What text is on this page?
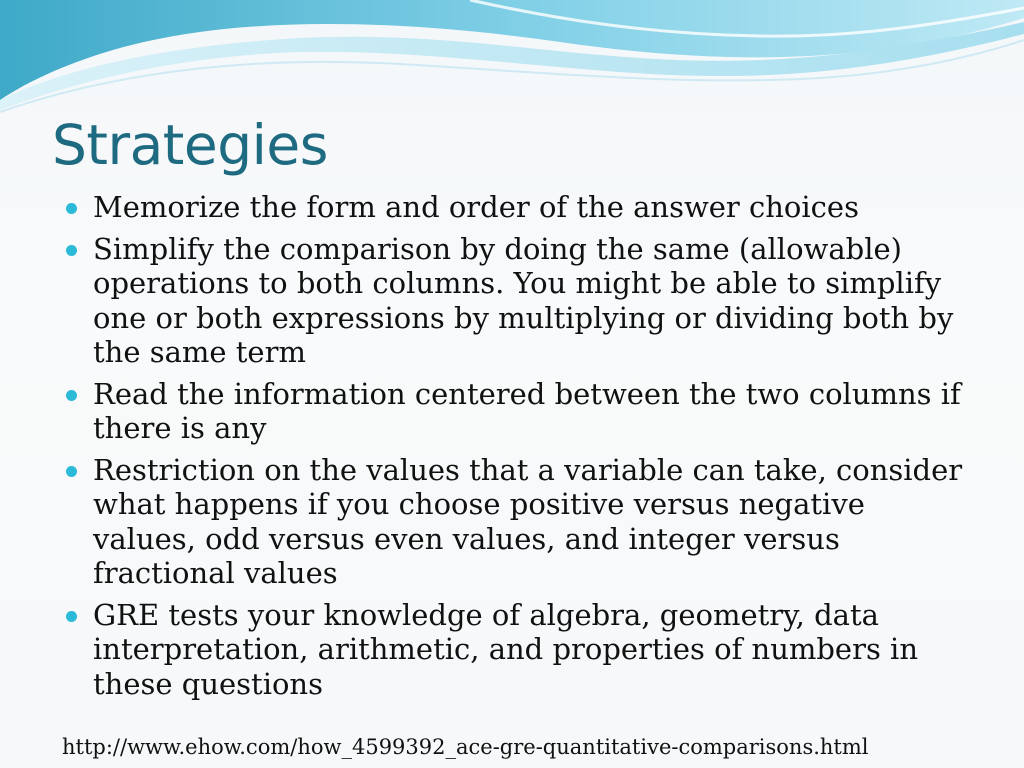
Strategies
Memorize the form and order of the answer choices
Simplify the comparison by doing the same (allowable) operations to both columns. You might be able to simplify one or both expressions by multiplying or dividing both by the same term
Read the information centered between the two columns if there is any
Restriction on the values that a variable can take, consider what happens if you choose positive versus negative values, odd versus even values, and integer versus fractional values
GRE tests your knowledge of algebra, geometry, data interpretation, arithmetic, and properties of numbers in these questions

http://www.ehow.com/how_4599392_ace-gre-quantitative-comparisons.html
